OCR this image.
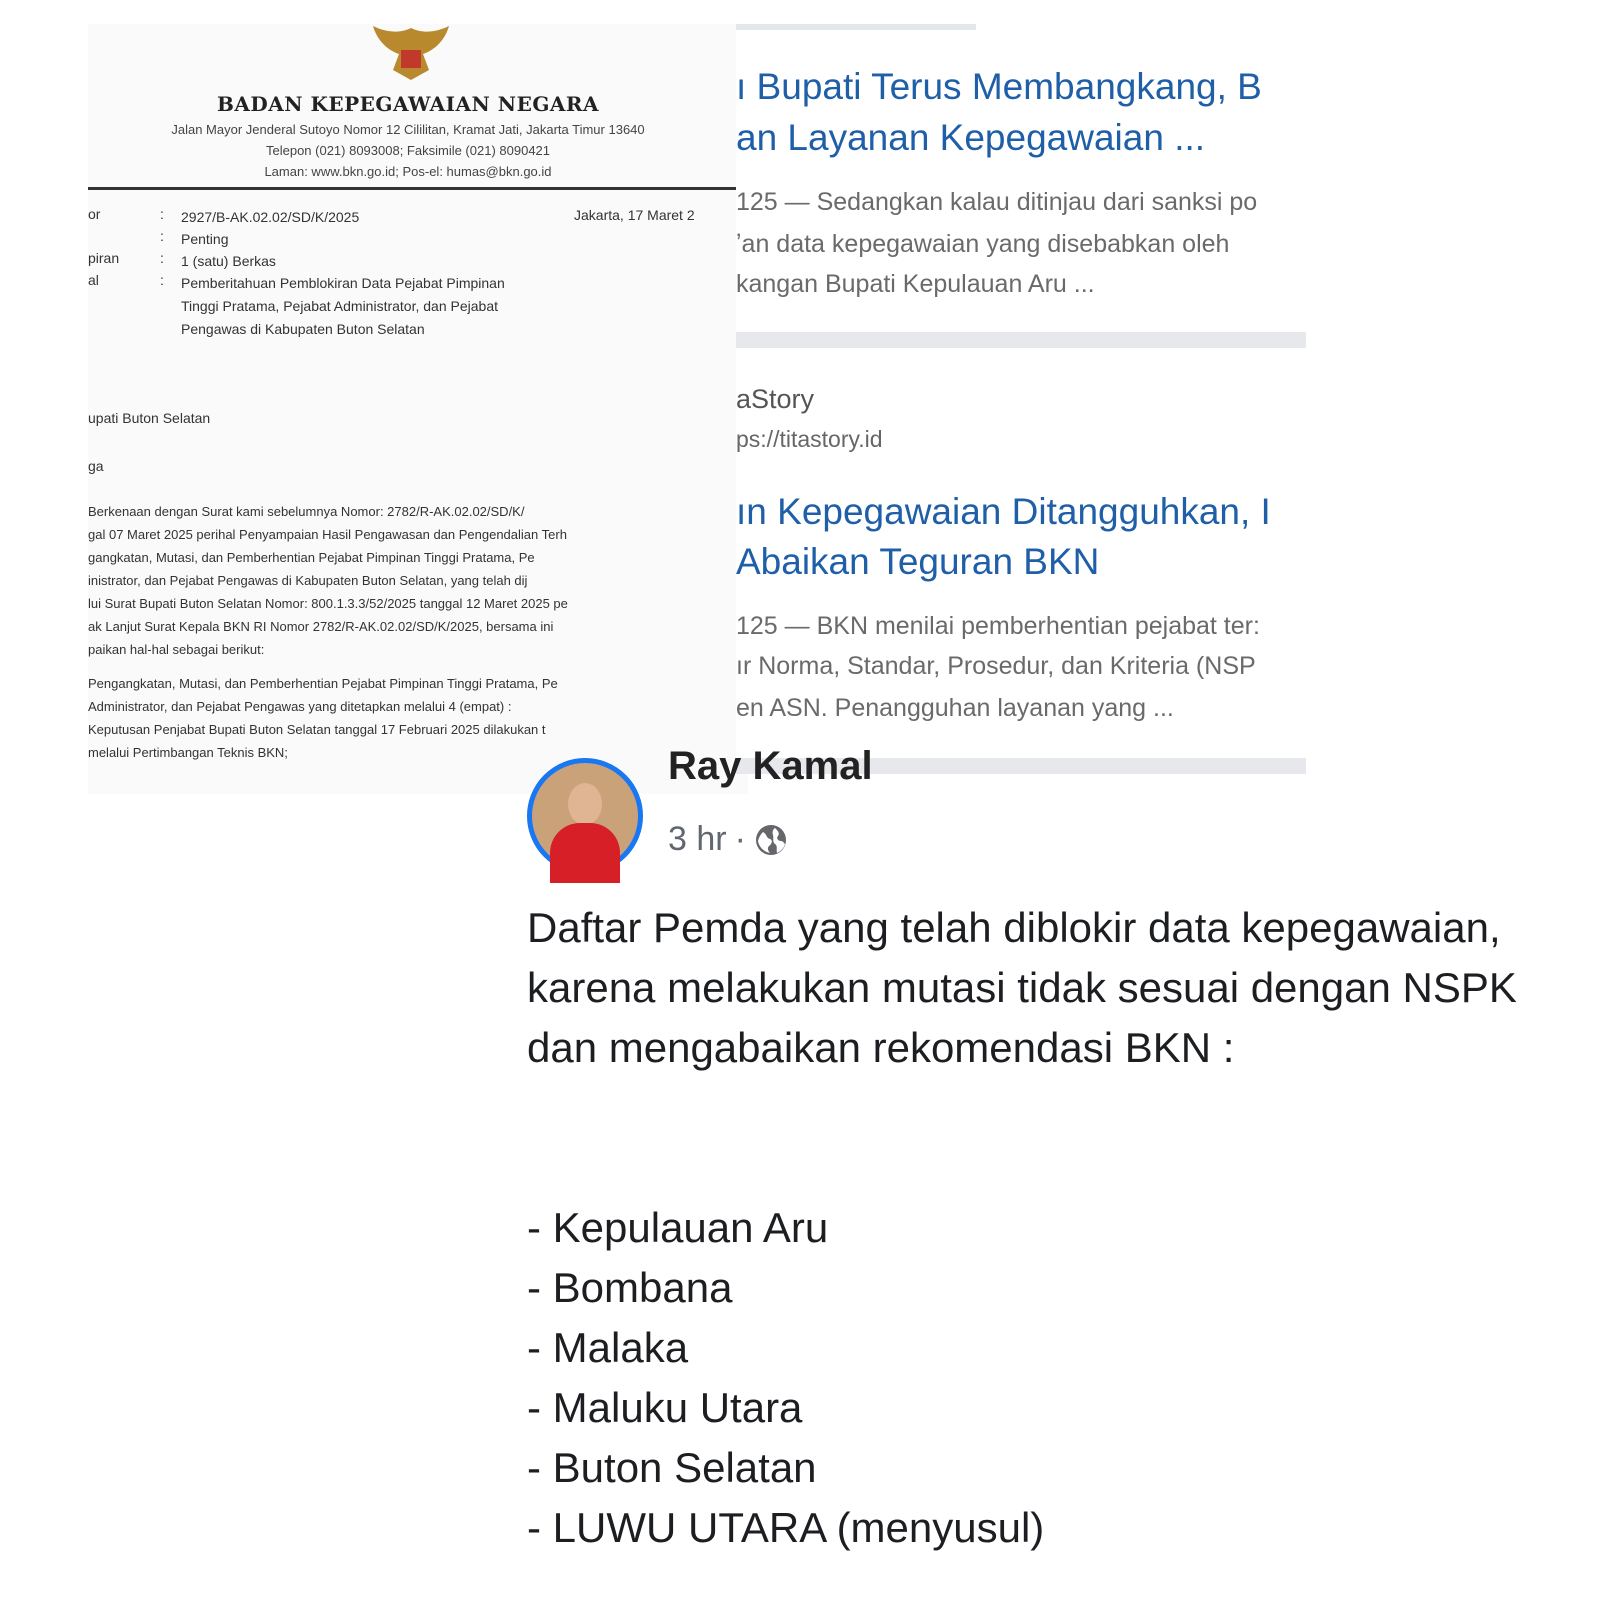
BADAN KEPEGAWAIAN NEGARA
Jalan Mayor Jenderal Sutoyo Nomor 12 Cililitan, Kramat Jati, Jakarta Timur 13640
Telepon (021) 8093008; Faksimile (021) 8090421
Laman: www.bkn.go.id; Pos-el: humas@bkn.go.id
or	: 2927/B-AK.02.02/SD/K/2025	Jakarta, 17 Maret 2
: Penting
piran	: 1 (satu) Berkas
al	: Pemberitahuan Pemblokiran Data Pejabat Pimpinan Tinggi Pratama, Pejabat Administrator, dan Pejabat Pengawas di Kabupaten Buton Selatan
upati Buton Selatan
ga
Berkenaan dengan Surat kami sebelumnya Nomor: 2782/R-AK.02.02/SD/K/
gal 07 Maret 2025 perihal Penyampaian Hasil Pengawasan dan Pengendalian Terh
gangkatan, Mutasi, dan Pemberhentian Pejabat Pimpinan Tinggi Pratama, Pe
inistrator, dan Pejabat Pengawas di Kabupaten Buton Selatan, yang telah dij
lui Surat Bupati Buton Selatan Nomor: 800.1.3.3/52/2025 tanggal 12 Maret 2025 pe
ak Lanjut Surat Kepala BKN RI Nomor 2782/R-AK.02.02/SD/K/2025, bersama ini
paikan hal-hal sebagai berikut:
Pengangkatan, Mutasi, dan Pemberhentian Pejabat Pimpinan Tinggi Pratama, Pe
Administrator, dan Pejabat Pengawas yang ditetapkan melalui 4 (empat) :
Keputusan Penjabat Bupati Buton Selatan tanggal 17 Februari 2025 dilakukan t
melalui Pertimbangan Teknis BKN;
ı Bupati Terus Membangkang, B
an Layanan Kepegawaian ...
125 — Sedangkan kalau ditinjau dari sanksi po
ʼan data kepegawaian yang disebabkan oleh
kangan Bupati Kepulauan Aru ...
aStory
ps://titastory.id
ın Kepegawaian Ditangguhkan, I
Abaikan Teguran BKN
125 — BKN menilai pemberhentian pejabat ter:
ır Norma, Standar, Prosedur, dan Kriteria (NSP
en ASN. Penangguhan layanan yang ...
Ray Kamal
3 hr ·
Daftar Pemda yang telah diblokir data kepegawaian, karena melakukan mutasi tidak sesuai dengan NSPK dan mengabaikan rekomendasi BKN :
- Kepulauan Aru
- Bombana
- Malaka
- Maluku Utara
- Buton Selatan
- LUWU UTARA (menyusul)
